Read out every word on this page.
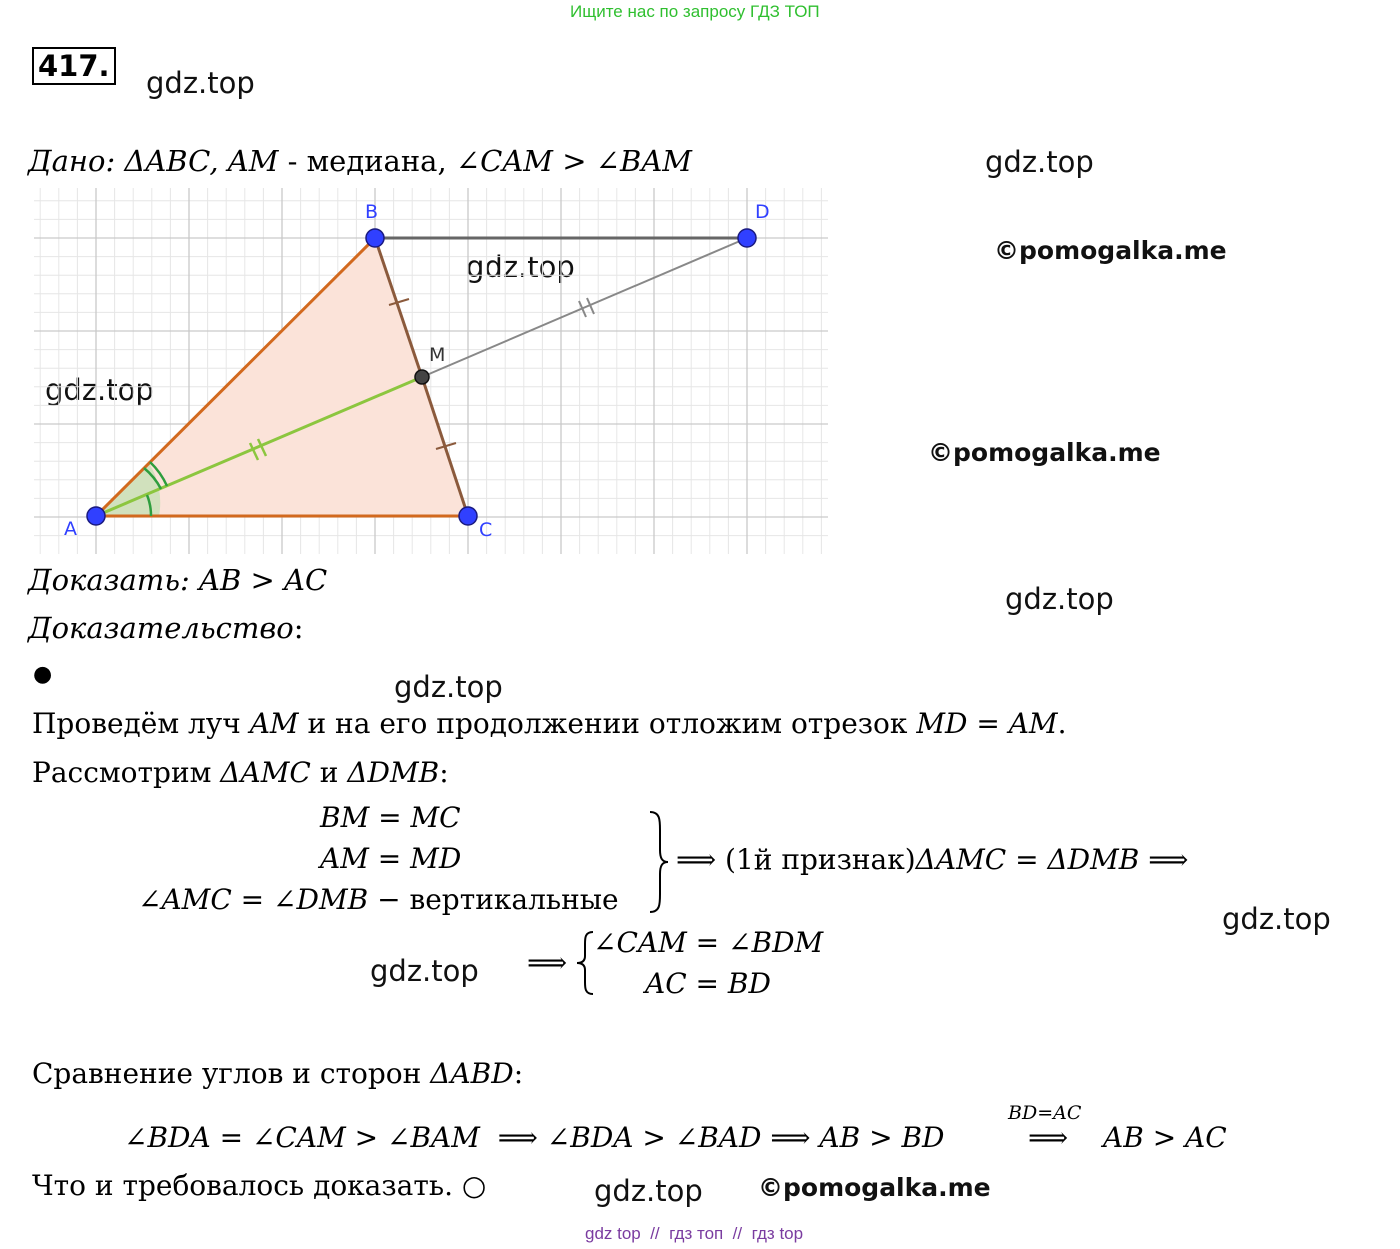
Ищите нас по запросу ГДЗ ТОП
417. gdz.top
gdz.top
gdz.top
gdz.top
gdz.top
gdz.top
gdz.top
gdz.top
gdz.top
©pomogalka.me
©pomogalka.me
©pomogalka.me
Дано: ΔABC, AM - медиана, ∠CAM > ∠BAM
A
B
C
D
M
Доказать: AB > AC
Доказательство:
●
Проведём луч AM и на его продолжении отложим отрезок MD = AM.
Рассмотрим ΔAMC и ΔDMB:
BM = MC
AM = MD
∠AMC = ∠DMB − вертикальные
⟹ (1й признак)ΔAMC = ΔDMB ⟹
⟹
∠CAM = ∠BDM
AC = BD
Сравнение углов и сторон ΔABD:
∠BDA = ∠CAM > ∠BAM  ⟹ ∠BDA > ∠BAD ⟹ AB > BD
BD=AC
⟹ AB > AC
Что и требовалось доказать. ○
gdz top  //  гдз топ  //  гдз top
